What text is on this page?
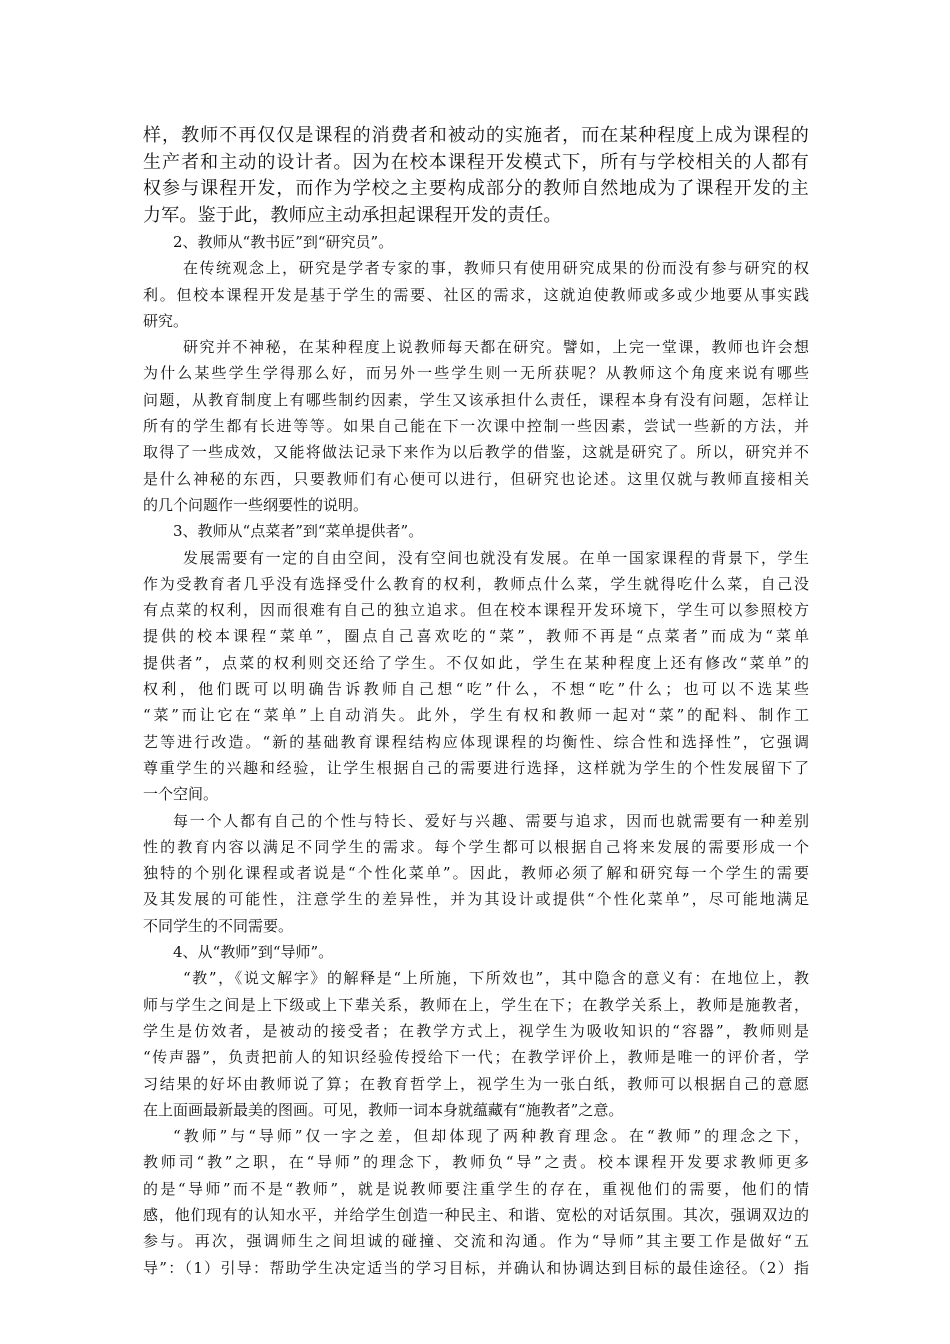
样，教师不再仅仅是课程的消费者和被动的实施者，而在某种程度上成为课程的
生产者和主动的设计者。因为在校本课程开发模式下，所有与学校相关的人都有
权参与课程开发，而作为学校之主要构成部分的教师自然地成为了课程开发的主
力军。鉴于此，教师应主动承担起课程开发的责任。
2、教师从“教书匠”到“研究员”。
在传统观念上，研究是学者专家的事，教师只有使用研究成果的份而没有参与研究的权
利。但校本课程开发是基于学生的需要、社区的需求，这就迫使教师或多或少地要从事实践
研究。
研究并不神秘，在某种程度上说教师每天都在研究。譬如，上完一堂课，教师也许会想
为什么某些学生学得那么好，而另外一些学生则一无所获呢？从教师这个角度来说有哪些
问题，从教育制度上有哪些制约因素，学生又该承担什么责任，课程本身有没有问题，怎样让
所有的学生都有长进等等。如果自己能在下一次课中控制一些因素，尝试一些新的方法，并
取得了一些成效，又能将做法记录下来作为以后教学的借鉴，这就是研究了。所以，研究并不
是什么神秘的东西，只要教师们有心便可以进行，但研究也论述。这里仅就与教师直接相关
的几个问题作一些纲要性的说明。
3、教师从“点菜者”到“菜单提供者”。
发展需要有一定的自由空间，没有空间也就没有发展。在单一国家课程的背景下，学生
作为受教育者几乎没有选择受什么教育的权利，教师点什么菜，学生就得吃什么菜，自己没
有点菜的权利，因而很难有自己的独立追求。但在校本课程开发环境下，学生可以参照校方
提供的校本课程“菜单”，圈点自己喜欢吃的“菜”，教师不再是“点菜者”而成为“菜单
提供者”，点菜的权利则交还给了学生。不仅如此，学生在某种程度上还有修改“菜单”的
权利，他们既可以明确告诉教师自己想“吃”什么，不想“吃”什么；也可以不选某些
“菜”而让它在“菜单”上自动消失。此外，学生有权和教师一起对“菜”的配料、制作工
艺等进行改造。“新的基础教育课程结构应体现课程的均衡性、综合性和选择性”，它强调
尊重学生的兴趣和经验，让学生根据自己的需要进行选择，这样就为学生的个性发展留下了
一个空间。
每一个人都有自己的个性与特长、爱好与兴趣、需要与追求，因而也就需要有一种差别
性的教育内容以满足不同学生的需求。每个学生都可以根据自己将来发展的需要形成一个
独特的个别化课程或者说是“个性化菜单”。因此，教师必须了解和研究每一个学生的需要
及其发展的可能性，注意学生的差异性，并为其设计或提供“个性化菜单”，尽可能地满足
不同学生的不同需要。
4、从“教师”到“导师”。
“教”，《说文解字》的解释是“上所施，下所效也”，其中隐含的意义有：在地位上，教
师与学生之间是上下级或上下辈关系，教师在上，学生在下；在教学关系上，教师是施教者，
学生是仿效者，是被动的接受者；在教学方式上，视学生为吸收知识的“容器”，教师则是
“传声器”，负责把前人的知识经验传授给下一代；在教学评价上，教师是唯一的评价者，学
习结果的好坏由教师说了算；在教育哲学上，视学生为一张白纸，教师可以根据自己的意愿
在上面画最新最美的图画。可见，教师一词本身就蕴藏有“施教者”之意。
“教师”与“导师”仅一字之差，但却体现了两种教育理念。在“教师”的理念之下，
教师司“教”之职，在“导师”的理念下，教师负“导”之责。校本课程开发要求教师更多
的是“导师”而不是“教师”，就是说教师要注重学生的存在，重视他们的需要，他们的情
感，他们现有的认知水平，并给学生创造一种民主、和谐、宽松的对话氛围。其次，强调双边的
参与。再次，强调师生之间坦诚的碰撞、交流和沟通。作为“导师”其主要工作是做好“五
导”：（1）引导：帮助学生决定适当的学习目标，并确认和协调达到目标的最佳途径。（2）指
